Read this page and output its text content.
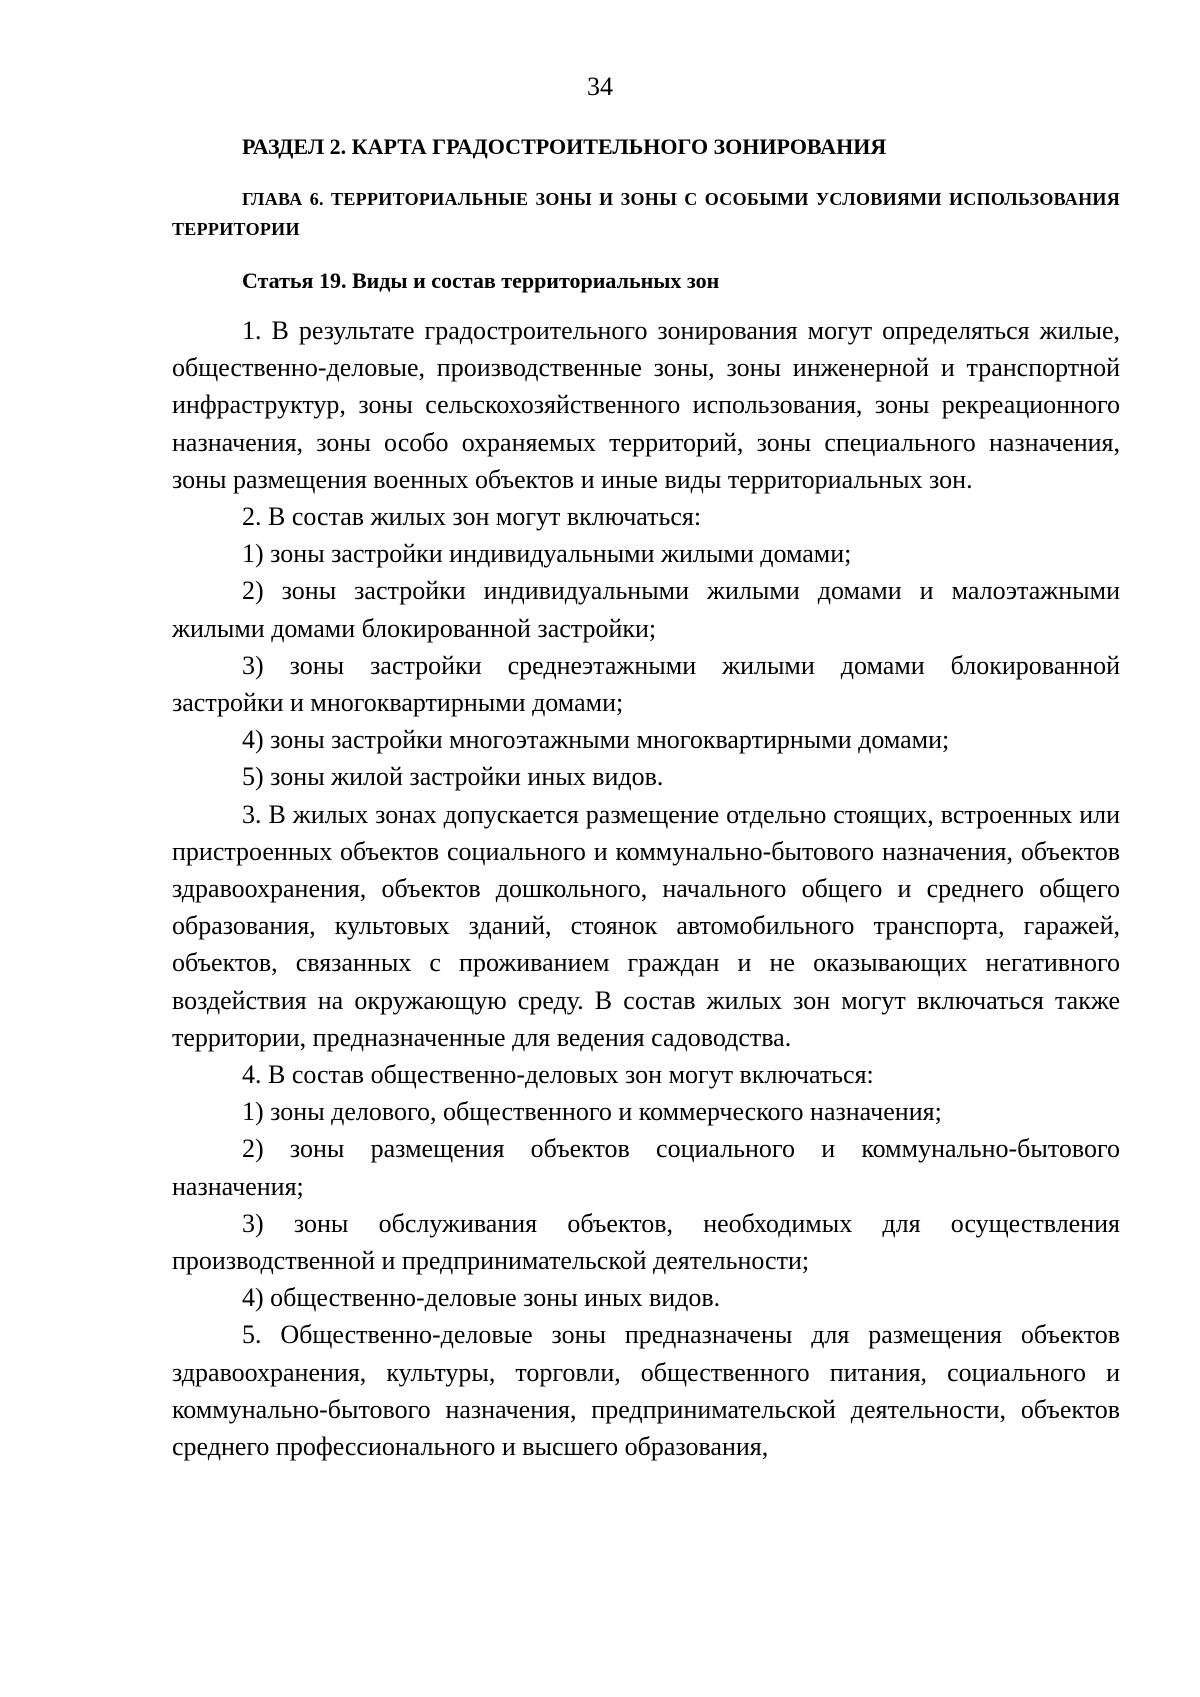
34
РАЗДЕЛ 2. КАРТА ГРАДОСТРОИТЕЛЬНОГО ЗОНИРОВАНИЯ
ГЛАВА 6. ТЕРРИТОРИАЛЬНЫЕ ЗОНЫ И ЗОНЫ С ОСОБЫМИ УСЛОВИЯМИ ИСПОЛЬЗОВАНИЯ ТЕРРИТОРИИ
Статья 19. Виды и состав территориальных зон

1. В результате градостроительного зонирования могут определяться жилые, общественно-деловые, производственные зоны, зоны инженерной и транспортной инфраструктур, зоны сельскохозяйственного использования, зоны рекреационного назначения, зоны особо охраняемых территорий, зоны специального назначения, зоны размещения военных объектов и иные виды территориальных зон.

2. В состав жилых зон могут включаться:

1) зоны застройки индивидуальными жилыми домами;

2) зоны застройки индивидуальными жилыми домами и малоэтажными жилыми домами блокированной застройки;

3) зоны застройки среднеэтажными жилыми домами блокированной застройки и многоквартирными домами;

4) зоны застройки многоэтажными многоквартирными домами;

5) зоны жилой застройки иных видов.

3. В жилых зонах допускается размещение отдельно стоящих, встроенных или пристроенных объектов социального и коммунально-бытового назначения, объектов здравоохранения, объектов дошкольного, начального общего и среднего общего образования, культовых зданий, стоянок автомобильного транспорта, гаражей, объектов, связанных с проживанием граждан и не оказывающих негативного воздействия на окружающую среду. В состав жилых зон могут включаться также территории, предназначенные для ведения садоводства.

4. В состав общественно-деловых зон могут включаться:

1) зоны делового, общественного и коммерческого назначения;

2) зоны размещения объектов социального и коммунально-бытового назначения;

3) зоны обслуживания объектов, необходимых для осуществления производственной и предпринимательской деятельности;

4) общественно-деловые зоны иных видов.

5. Общественно-деловые зоны предназначены для размещения объектов здравоохранения, культуры, торговли, общественного питания, социального и коммунально-бытового назначения, предпринимательской деятельности, объектов среднего профессионального и высшего образования,
